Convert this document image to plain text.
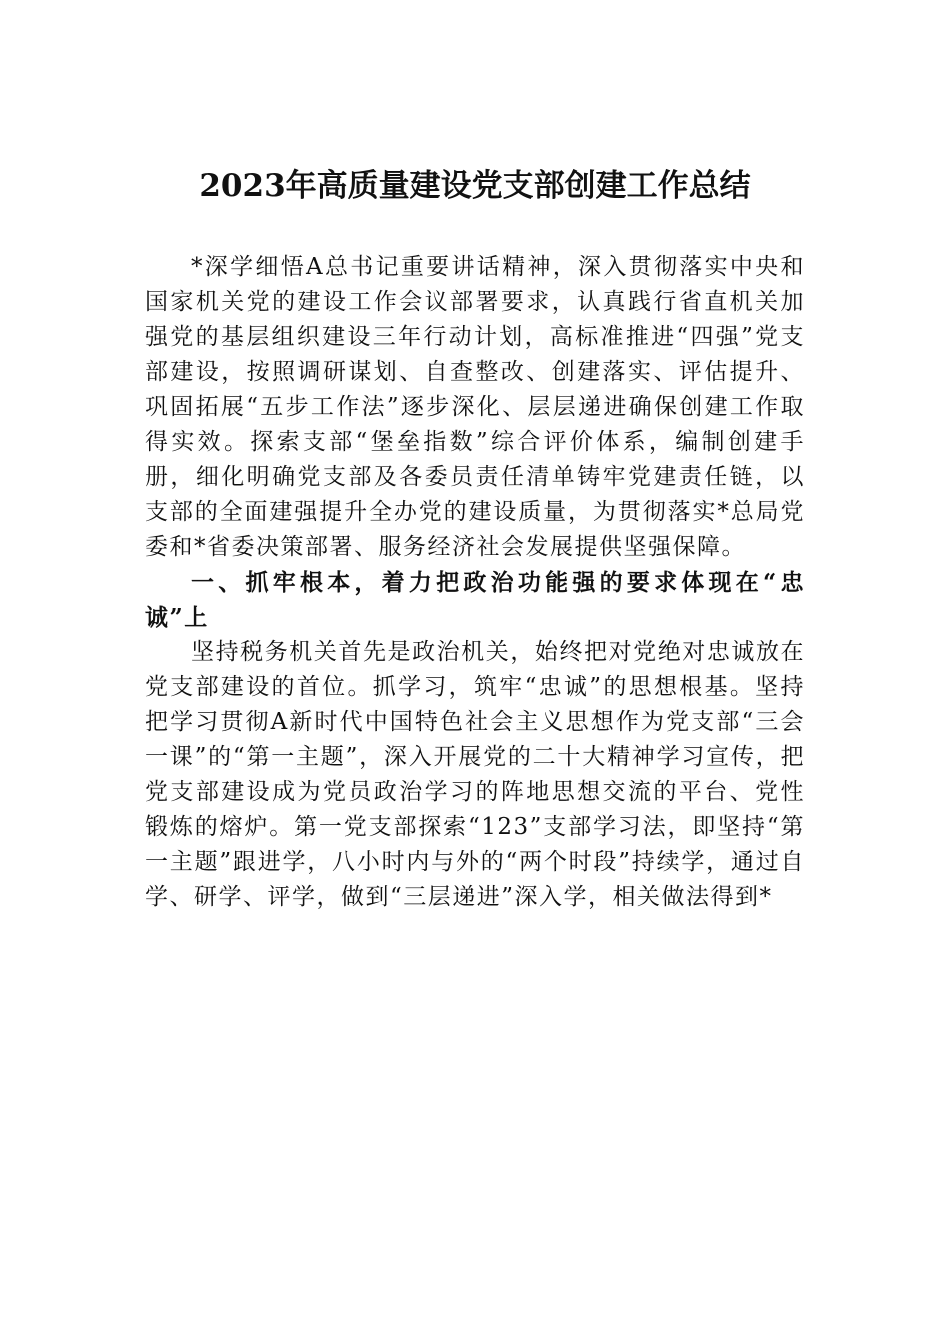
2023年高质量建设党支部创建工作总结

*深学细悟A总书记重要讲话精神，深入贯彻落实中央和国家机关党的建设工作会议部署要求，认真践行省直机关加强党的基层组织建设三年行动计划，高标准推进“四强”党支部建设，按照调研谋划、自查整改、创建落实、评估提升、巩固拓展“五步工作法”逐步深化、层层递进确保创建工作取得实效。探索支部“堡垒指数”综合评价体系，编制创建手册，细化明确党支部及各委员责任清单铸牢党建责任链，以支部的全面建强提升全办党的建设质量，为贯彻落实*总局党委和*省委决策部署、服务经济社会发展提供坚强保障。

一、抓牢根本，着力把政治功能强的要求体现在“忠诚”上

坚持税务机关首先是政治机关，始终把对党绝对忠诚放在党支部建设的首位。抓学习，筑牢“忠诚”的思想根基。坚持把学习贯彻A新时代中国特色社会主义思想作为党支部“三会一课”的“第一主题”，深入开展党的二十大精神学习宣传，把党支部建设成为党员政治学习的阵地思想交流的平台、党性锻炼的熔炉。第一党支部探索“123”支部学习法，即坚持“第一主题”跟进学，八小时内与外的“两个时段”持续学，通过自学、研学、评学，做到“三层递进”深入学，相关做法得到*
